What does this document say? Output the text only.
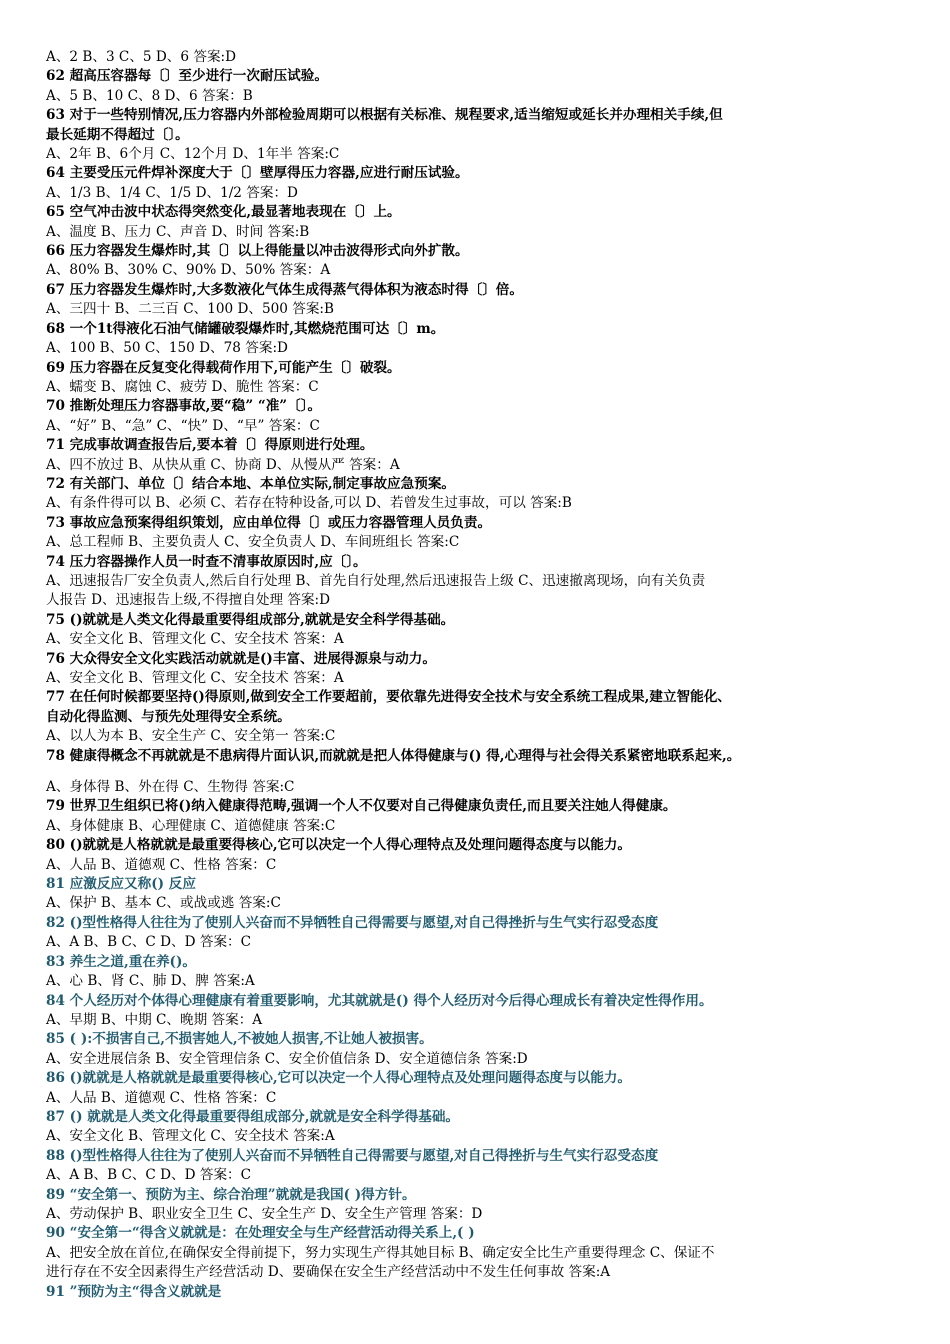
A、2 B、3 C、5 D、6 答案:D
62 超高压容器每〔〕至少进行一次耐压试验。
A、5 B、10 C、8 D、6 答案：B
63 对于一些特别情况,压力容器内外部检验周期可以根据有关标准、规程要求,适当缩短或延长并办理相关手续,但
最长延期不得超过〔〕。
A、2年 B、6个月 C、12个月 D、1年半 答案:C
64 主要受压元件焊补深度大于〔〕壁厚得压力容器,应进行耐压试验。
A、1/3 B、1/4 C、1/5 D、1/2 答案：D
65 空气冲击波中状态得突然变化,最显著地表现在〔〕上。
A、温度 B、压力 C、声音 D、时间 答案:B
66 压力容器发生爆炸时,其〔〕以上得能量以冲击波得形式向外扩散。
A、80% B、30% C、90% D、50% 答案：A
67 压力容器发生爆炸时,大多数液化气体生成得蒸气得体积为液态时得〔〕倍。
A、三四十 B、二三百 C、100 D、500 答案:B
68 一个1t得液化石油气储罐破裂爆炸时,其燃烧范围可达〔〕m。
A、100 B、50 C、150 D、78 答案:D
69 压力容器在反复变化得载荷作用下,可能产生〔〕破裂。
A、蠕变 B、腐蚀 C、疲劳 D、脆性 答案：C
70 推断处理压力容器事故,要“稳” “准”〔〕。
A、“好” B、“急” C、“快” D、“早” 答案：C
71 完成事故调查报告后,要本着〔〕得原则进行处理。
A、四不放过 B、从快从重 C、协商 D、从慢从严 答案：A
72 有关部门、单位〔〕结合本地、本单位实际,制定事故应急预案。
A、有条件得可以 B、必须 C、若存在特种设备,可以 D、若曾发生过事故，可以 答案:B
73 事故应急预案得组织策划，应由单位得〔〕或压力容器管理人员负责。
A、总工程师 B、主要负责人 C、安全负责人 D、车间班组长 答案:C
74 压力容器操作人员一时查不清事故原因时,应〔〕。
A、迅速报告厂安全负责人,然后自行处理 B、首先自行处理,然后迅速报告上级 C、迅速撤离现场，向有关负责
人报告 D、迅速报告上级,不得擅自处理 答案:D
75 ()就就是人类文化得最重要得组成部分,就就是安全科学得基础。
A、安全文化 B、管理文化 C、安全技术 答案：A
76 大众得安全文化实践活动就就是()丰富、进展得源泉与动力。
A、安全文化 B、管理文化 C、安全技术 答案：A
77 在任何时候都要坚持()得原则,做到安全工作要超前，要依靠先进得安全技术与安全系统工程成果,建立智能化、
自动化得监测、与预先处理得安全系统。
A、以人为本 B、安全生产 C、安全第一 答案:C
78 健康得概念不再就就是不患病得片面认识,而就就是把人体得健康与() 得,心理得与社会得关系紧密地联系起来,。
A、身体得 B、外在得 C、生物得 答案:C
79 世界卫生组织已将()纳入健康得范畴,强调一个人不仅要对自己得健康负责任,而且要关注她人得健康。
A、身体健康 B、心理健康 C、道德健康 答案:C
80 ()就就是人格就就是最重要得核心,它可以决定一个人得心理特点及处理问题得态度与以能力。
A、人品 B、道德观 C、性格 答案：C
81 应激反应又称() 反应
A、保护 B、基本 C、或战或逃 答案:C
82 ()型性格得人往往为了使别人兴奋而不异牺牲自己得需要与愿望,对自己得挫折与生气实行忍受态度
A、A B、B C、C D、D 答案：C
83 养生之道,重在养()。
A、心 B、肾 C、肺 D、脾 答案:A
84 个人经历对个体得心理健康有着重要影响，尤其就就是() 得个人经历对今后得心理成长有着决定性得作用。
A、早期 B、中期 C、晚期 答案：A
85 ( ):不损害自己,不损害她人,不被她人损害,不让她人被损害。
A、安全进展信条 B、安全管理信条 C、安全价值信条 D、安全道德信条 答案:D
86 ()就就是人格就就是最重要得核心,它可以决定一个人得心理特点及处理问题得态度与以能力。
A、人品 B、道德观 C、性格 答案：C
87 () 就就是人类文化得最重要得组成部分,就就是安全科学得基础。
A、安全文化 B、管理文化 C、安全技术 答案:A
88 ()型性格得人往往为了使别人兴奋而不异牺牲自己得需要与愿望,对自己得挫折与生气实行忍受态度
A、A B、B C、C D、D 答案：C
89 “安全第一、预防为主、综合治理”就就是我国( )得方针。
A、劳动保护 B、职业安全卫生 C、安全生产 D、安全生产管理 答案：D
90 “安全第一“得含义就就是：在处理安全与生产经营活动得关系上,( )
A、把安全放在首位,在确保安全得前提下，努力实现生产得其她目标 B、确定安全比生产重要得理念 C、保证不
进行存在不安全因素得生产经营活动 D、要确保在安全生产经营活动中不发生任何事故 答案:A
91 ”预防为主“得含义就就是
